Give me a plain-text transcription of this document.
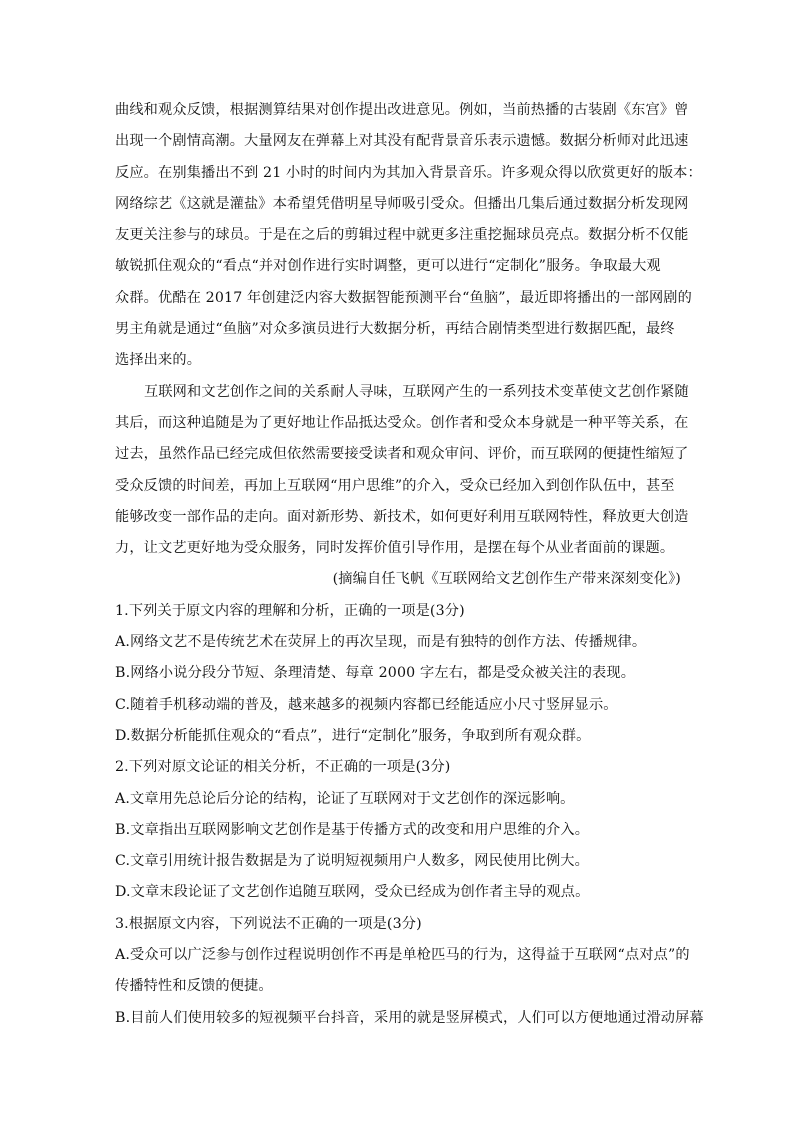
曲线和观众反馈，根据测算结果对创作提出改进意见。例如，当前热播的古装剧《东宫》曾
出现一个剧情高潮。大量网友在弹幕上对其没有配背景音乐表示遗憾。数据分析师对此迅速
反应。在别集播出不到 21 小时的时间内为其加入背景音乐。许多观众得以欣赏更好的版本：
网络综艺《这就是灌盐》本希望凭借明星导师吸引受众。但播出几集后通过数据分析发现网
友更关注参与的球员。于是在之后的剪辑过程中就更多注重挖掘球员亮点。数据分析不仅能
敏锐抓住观众的“看点“并对创作进行实时调整，更可以进行“定制化”服务。争取最大观
众群。优酷在 2017 年创建泛内容大数据智能预测平台“鱼脑”，最近即将播出的一部网剧的
男主角就是通过“鱼脑”对众多演员进行大数据分析，再结合剧情类型进行数据匹配，最终
选择出来的。
互联网和文艺创作之间的关系耐人寻味，互联网产生的一系列技术变革使文艺创作紧随
其后，而这种追随是为了更好地让作品抵达受众。创作者和受众本身就是一种平等关系，在
过去，虽然作品已经完成但依然需要接受读者和观众审问、评价，而互联网的便捷性缩短了
受众反馈的时间差，再加上互联网“用户思维”的介入，受众已经加入到创作队伍中，甚至
能够改变一部作品的走向。面对新形势、新技术，如何更好利用互联网特性，释放更大创造
力，让文艺更好地为受众服务，同时发挥价值引导作用，是摆在每个从业者面前的课题。
(摘编自任飞帆《互联网给文艺创作生产带来深刻变化》)
1.下列关于原文内容的理解和分析，正确的一项是(3分)
A.网络文艺不是传统艺术在荧屏上的再次呈现，而是有独特的创作方法、传播规律。
B.网络小说分段分节短、条理清楚、每章 2000 字左右，都是受众被关注的表现。
C.随着手机移动端的普及，越来越多的视频内容都已经能适应小尺寸竖屏显示。
D.数据分析能抓住观众的“看点”，进行“定制化”服务，争取到所有观众群。
2.下列对原文论证的相关分析，不正确的一项是(3分)
A.文章用先总论后分论的结构，论证了互联网对于文艺创作的深远影响。
B.文章指出互联网影响文艺创作是基于传播方式的改变和用户思维的介入。
C.文章引用统计报告数据是为了说明短视频用户人数多，网民使用比例大。
D.文章末段论证了文艺创作追随互联网，受众已经成为创作者主导的观点。
3.根据原文内容，下列说法不正确的一项是(3分)
A.受众可以广泛参与创作过程说明创作不再是单枪匹马的行为，这得益于互联网“点对点”的
传播特性和反馈的便捷。
B.目前人们使用较多的短视频平台抖音，采用的就是竖屏模式，人们可以方便地通过滑动屏幕
